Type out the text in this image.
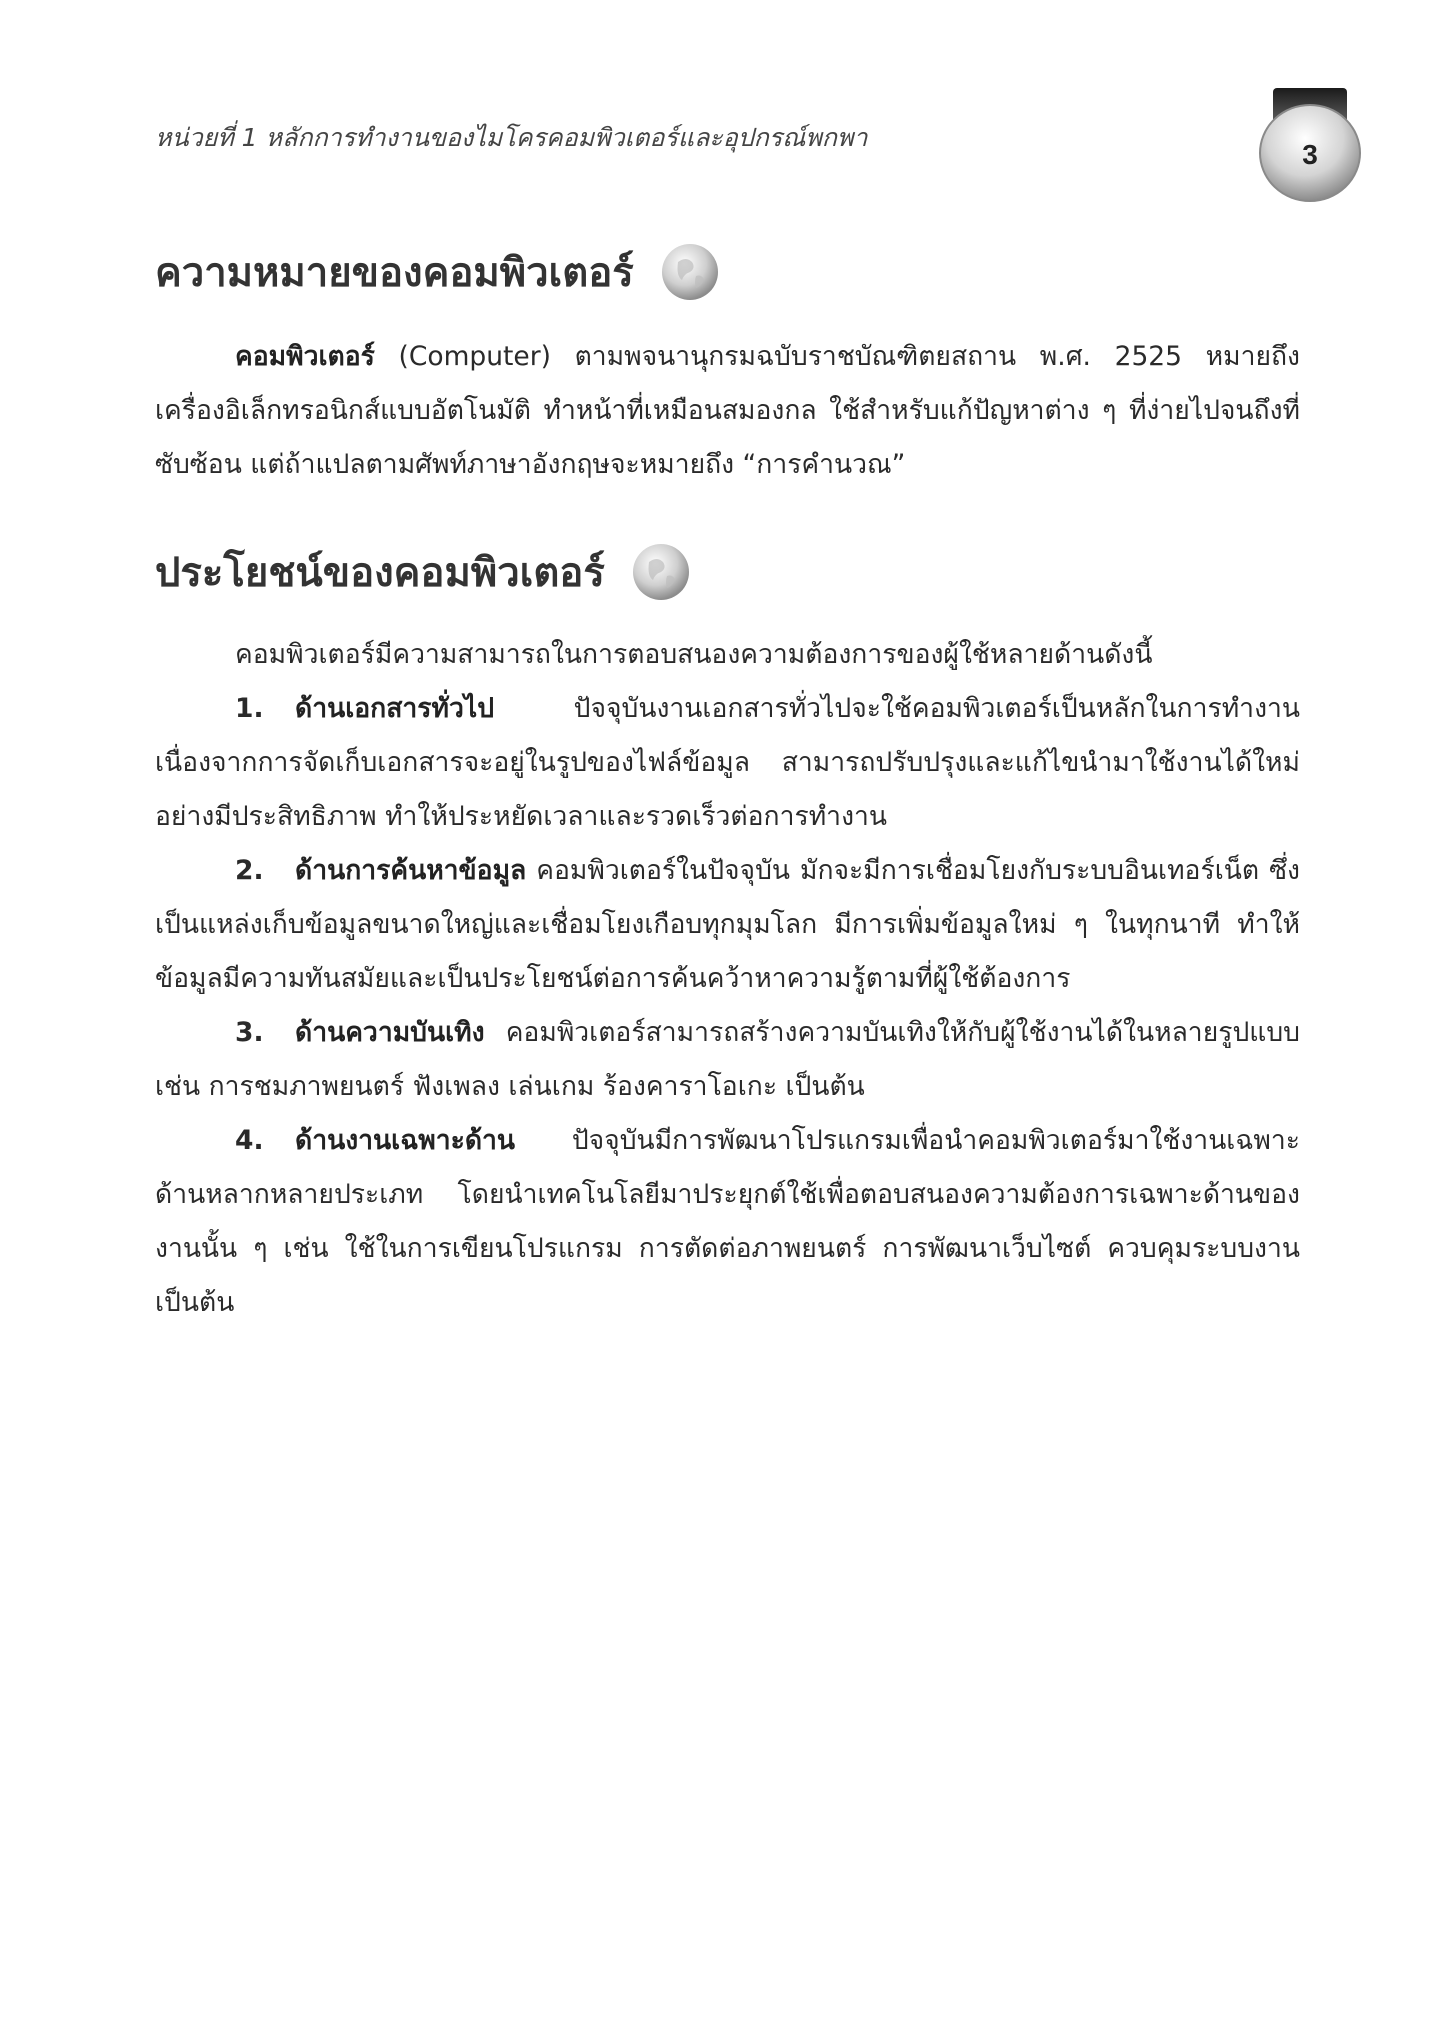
หน่วยที่ 1 หลักการทำงานของไมโครคอมพิวเตอร์และอุปกรณ์พกพา
3
ความหมายของคอมพิวเตอร์

คอมพิวเตอร์ (Computer) ตามพจนานุกรมฉบับราชบัณฑิตยสถาน พ.ศ. 2525 หมายถึง เครื่องอิเล็กทรอนิกส์แบบอัตโนมัติ ทำหน้าที่เหมือนสมองกล ใช้สำหรับแก้ปัญหาต่าง ๆ ที่ง่ายไปจนถึงที่ซับซ้อน แต่ถ้าแปลตามศัพท์ภาษาอังกฤษจะหมายถึง “การคำนวณ”

ประโยชน์ของคอมพิวเตอร์

คอมพิวเตอร์มีความสามารถในการตอบสนองความต้องการของผู้ใช้หลายด้านดังนี้

1. ด้านเอกสารทั่วไป ปัจจุบันงานเอกสารทั่วไปจะใช้คอมพิวเตอร์เป็นหลักในการทำงาน เนื่องจากการจัดเก็บเอกสารจะอยู่ในรูปของไฟล์ข้อมูล สามารถปรับปรุงและแก้ไขนำมาใช้งานได้ใหม่อย่างมีประสิทธิภาพ ทำให้ประหยัดเวลาและรวดเร็วต่อการทำงาน

2. ด้านการค้นหาข้อมูล คอมพิวเตอร์ในปัจจุบัน มักจะมีการเชื่อมโยงกับระบบอินเทอร์เน็ต ซึ่งเป็นแหล่งเก็บข้อมูลขนาดใหญ่และเชื่อมโยงเกือบทุกมุมโลก มีการเพิ่มข้อมูลใหม่ ๆ ในทุกนาที ทำให้ข้อมูลมีความทันสมัยและเป็นประโยชน์ต่อการค้นคว้าหาความรู้ตามที่ผู้ใช้ต้องการ

3. ด้านความบันเทิง คอมพิวเตอร์สามารถสร้างความบันเทิงให้กับผู้ใช้งานได้ในหลายรูปแบบ เช่น การชมภาพยนตร์ ฟังเพลง เล่นเกม ร้องคาราโอเกะ เป็นต้น

4. ด้านงานเฉพาะด้าน ปัจจุบันมีการพัฒนาโปรแกรมเพื่อนำคอมพิวเตอร์มาใช้งานเฉพาะด้านหลากหลายประเภท โดยนำเทคโนโลยีมาประยุกต์ใช้เพื่อตอบสนองความต้องการเฉพาะด้านของงานนั้น ๆ เช่น ใช้ในการเขียนโปรแกรม การตัดต่อภาพยนตร์ การพัฒนาเว็บไซต์ ควบคุมระบบงาน เป็นต้น
